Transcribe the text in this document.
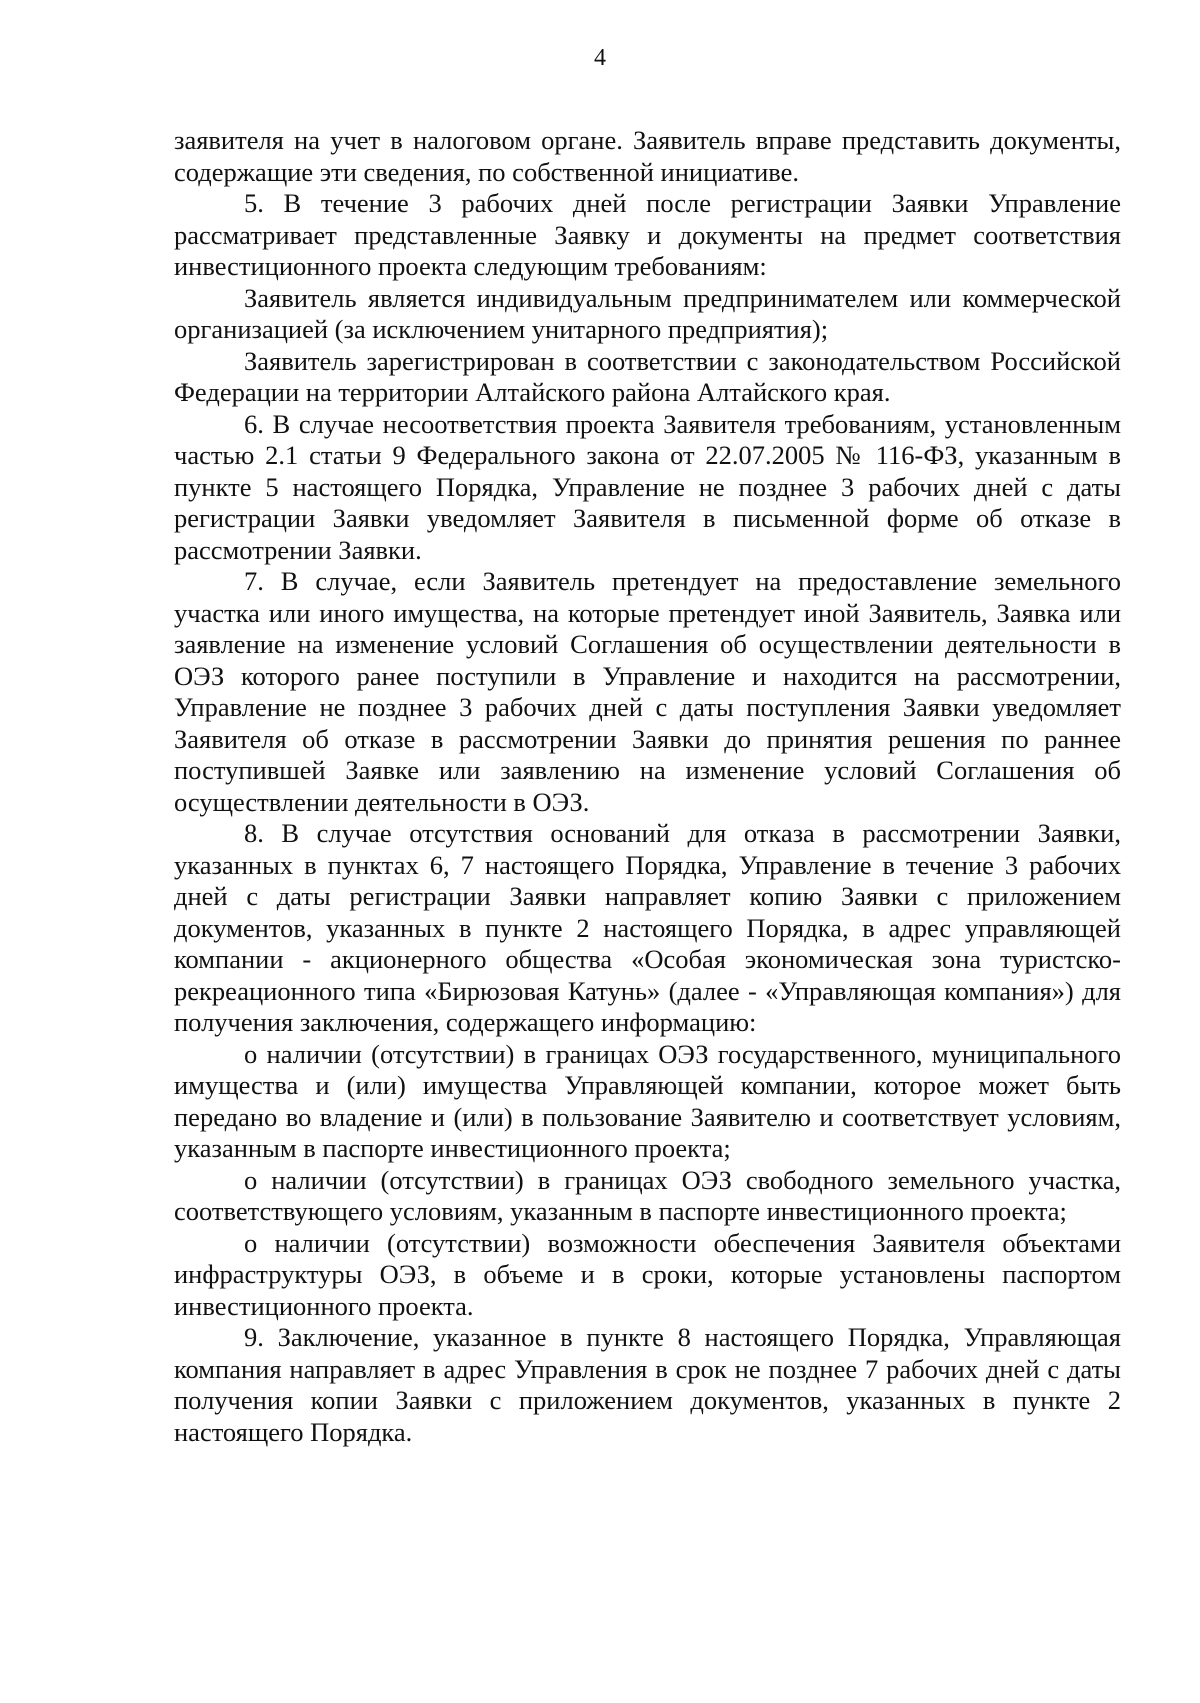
4

заявителя на учет в налоговом органе. Заявитель вправе представить документы, содержащие эти сведения, по собственной инициативе.

5. В течение 3 рабочих дней после регистрации Заявки Управление рассматривает представленные Заявку и документы на предмет соответствия инвестиционного проекта следующим требованиям:

Заявитель является индивидуальным предпринимателем или коммерческой организацией (за исключением унитарного предприятия);

Заявитель зарегистрирован в соответствии с законодательством Российской Федерации на территории Алтайского района Алтайского края.

6. В случае несоответствия проекта Заявителя требованиям, установленным частью 2.1 статьи 9 Федерального закона от 22.07.2005 № 116-ФЗ, указанным в пункте 5 настоящего Порядка, Управление не позднее 3 рабочих дней с даты регистрации Заявки уведомляет Заявителя в письменной форме об отказе в рассмотрении Заявки.

7. В случае, если Заявитель претендует на предоставление земельного участка или иного имущества, на которые претендует иной Заявитель, Заявка или заявление на изменение условий Соглашения об осуществлении деятельности в ОЭЗ которого ранее поступили в Управление и находится на рассмотрении, Управление не позднее 3 рабочих дней с даты поступления Заявки уведомляет Заявителя об отказе в рассмотрении Заявки до принятия решения по раннее поступившей Заявке или заявлению на изменение условий Соглашения об осуществлении деятельности в ОЭЗ.

8. В случае отсутствия оснований для отказа в рассмотрении Заявки, указанных в пунктах 6, 7 настоящего Порядка, Управление в течение 3 рабочих дней с даты регистрации Заявки направляет копию Заявки с приложением документов, указанных в пункте 2 настоящего Порядка, в адрес управляющей компании - акционерного общества «Особая экономическая зона туристско-рекреационного типа «Бирюзовая Катунь» (далее - «Управляющая компания») для получения заключения, содержащего информацию:

о наличии (отсутствии) в границах ОЭЗ государственного, муниципального имущества и (или) имущества Управляющей компании, которое может быть передано во владение и (или) в пользование Заявителю и соответствует условиям, указанным в паспорте инвестиционного проекта;

о наличии (отсутствии) в границах ОЭЗ свободного земельного участка, соответствующего условиям, указанным в паспорте инвестиционного проекта;

о наличии (отсутствии) возможности обеспечения Заявителя объектами инфраструктуры ОЭЗ, в объеме и в сроки, которые установлены паспортом инвестиционного проекта.

9. Заключение, указанное в пункте 8 настоящего Порядка, Управляющая компания направляет в адрес Управления в срок не позднее 7 рабочих дней с даты получения копии Заявки с приложением документов, указанных в пункте 2 настоящего Порядка.
